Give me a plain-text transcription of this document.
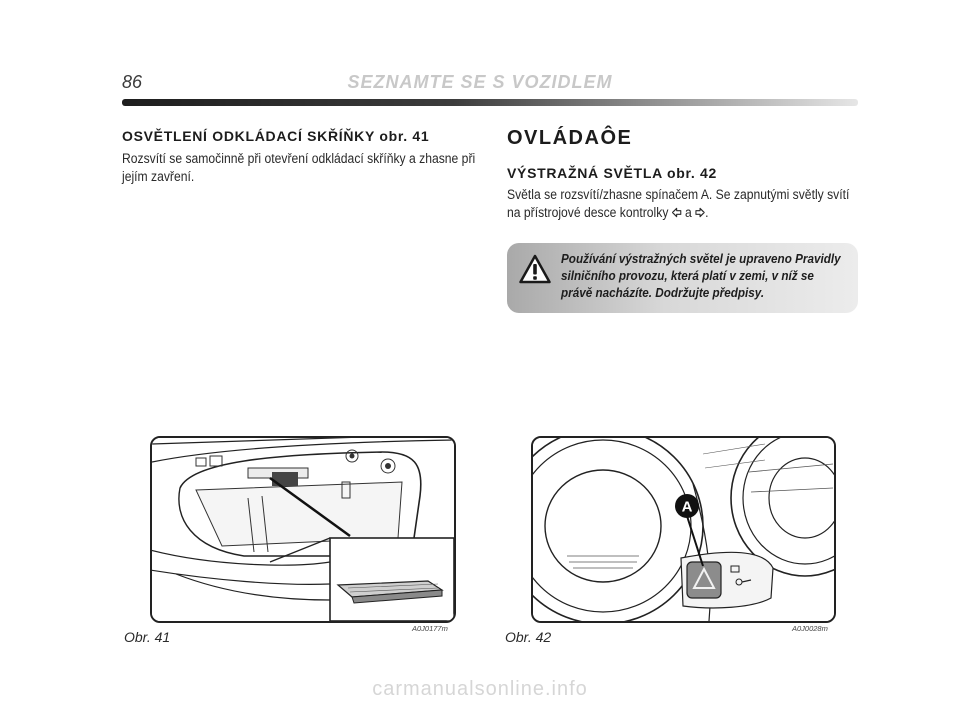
86	SEZNAMTE SE S VOZIDLEM
OSVĚTLENÍ ODKLÁDACÍ SKŘÍŇKY obr. 41
Rozsvítí se samočinně při otevření odkládací skříňky a zhasne při
jejím zavření.
OVLÁDAÔE
VÝSTRAŽNÁ SVĚTLA obr. 42
Světla se rozsvítí/zhasne spínačem A. Se zapnutými světly svítí
na přístrojové desce kontrolky  a .
Používání výstražných světel je upraveno Pravidly
silničního provozu, která platí v zemi, v níž se
právě nacházíte. Dodržujte předpisy.
Obr. 41
A0J0177m
A
Obr. 42
A0J0028m
carmanualsonline.info
